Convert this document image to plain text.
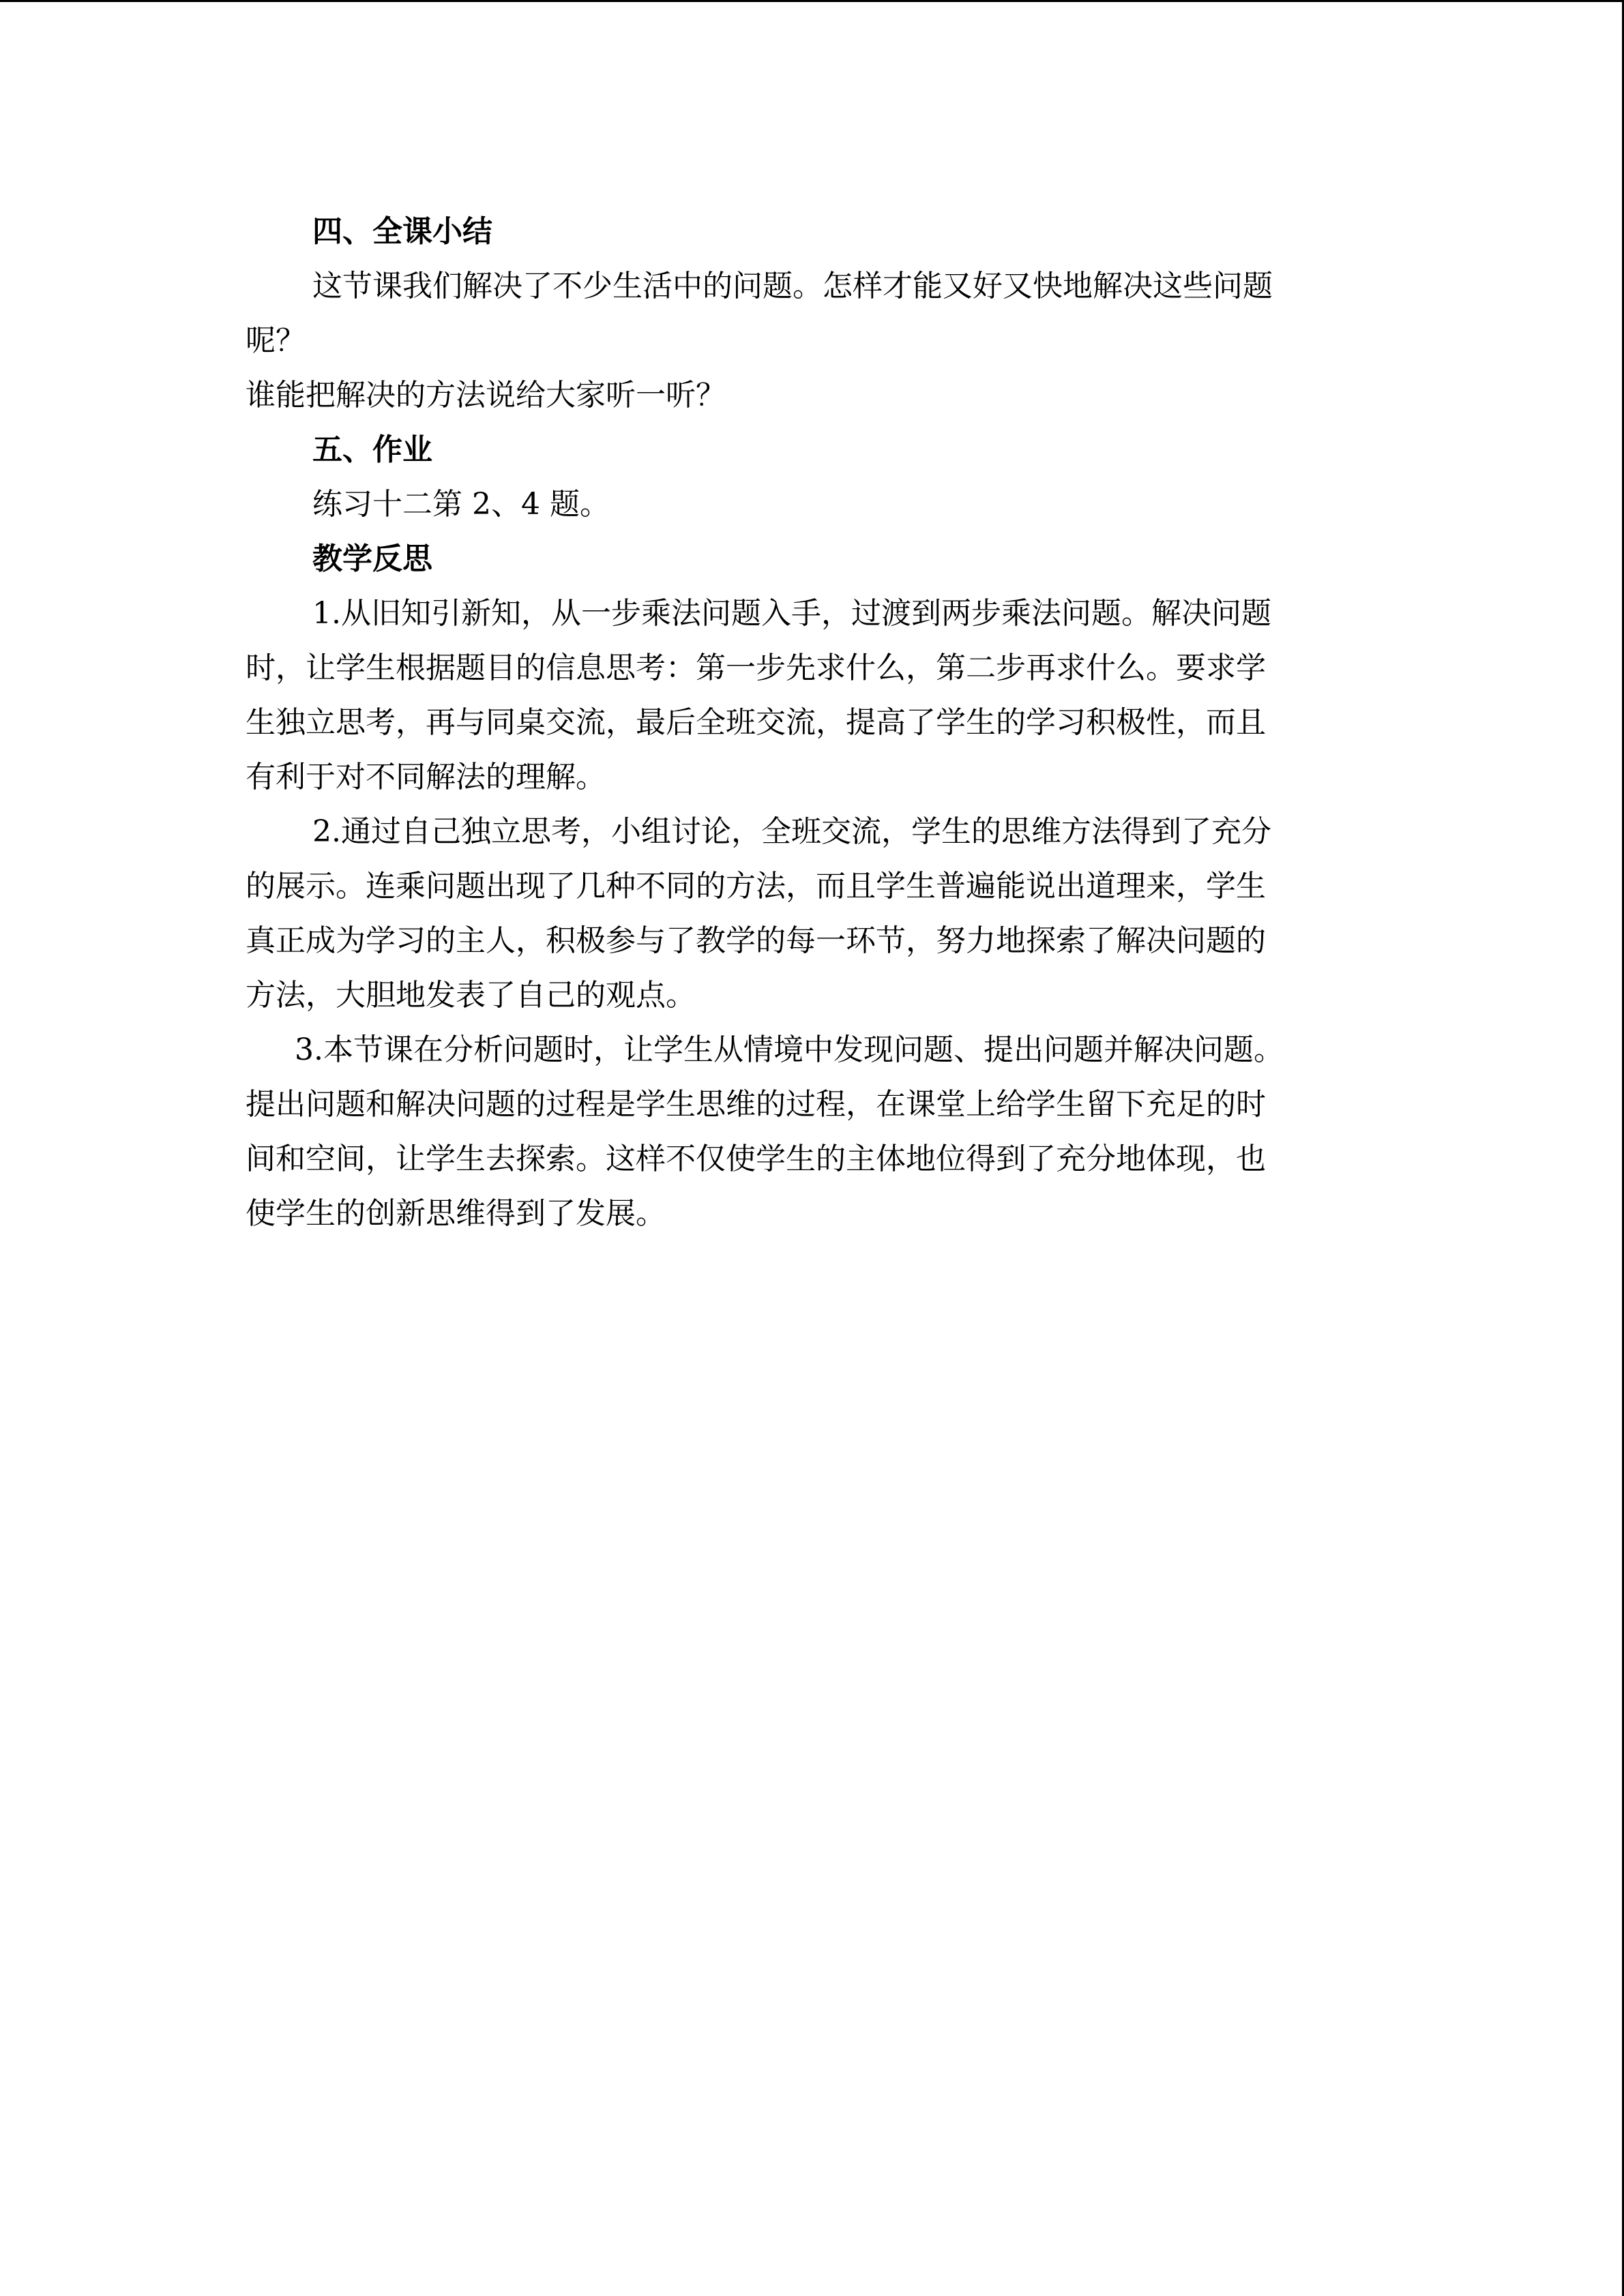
四、全课小结

这节课我们解决了不少生活中的问题。怎样才能又好又快地解决这些问题

呢？

谁能把解决的方法说给大家听一听？

五、作业

练习十二第 2、4 题。

教学反思

1.从旧知引新知，从一步乘法问题入手，过渡到两步乘法问题。解决问题

时，让学生根据题目的信息思考：第一步先求什么，第二步再求什么。要求学

生独立思考，再与同桌交流，最后全班交流，提高了学生的学习积极性，而且

有利于对不同解法的理解。

2.通过自己独立思考，小组讨论，全班交流，学生的思维方法得到了充分

的展示。连乘问题出现了几种不同的方法，而且学生普遍能说出道理来，学生

真正成为学习的主人，积极参与了教学的每一环节，努力地探索了解决问题的

方法，大胆地发表了自己的观点。

3.本节课在分析问题时，让学生从情境中发现问题、提出问题并解决问题。

提出问题和解决问题的过程是学生思维的过程，在课堂上给学生留下充足的时

间和空间，让学生去探索。这样不仅使学生的主体地位得到了充分地体现，也

使学生的创新思维得到了发展。
